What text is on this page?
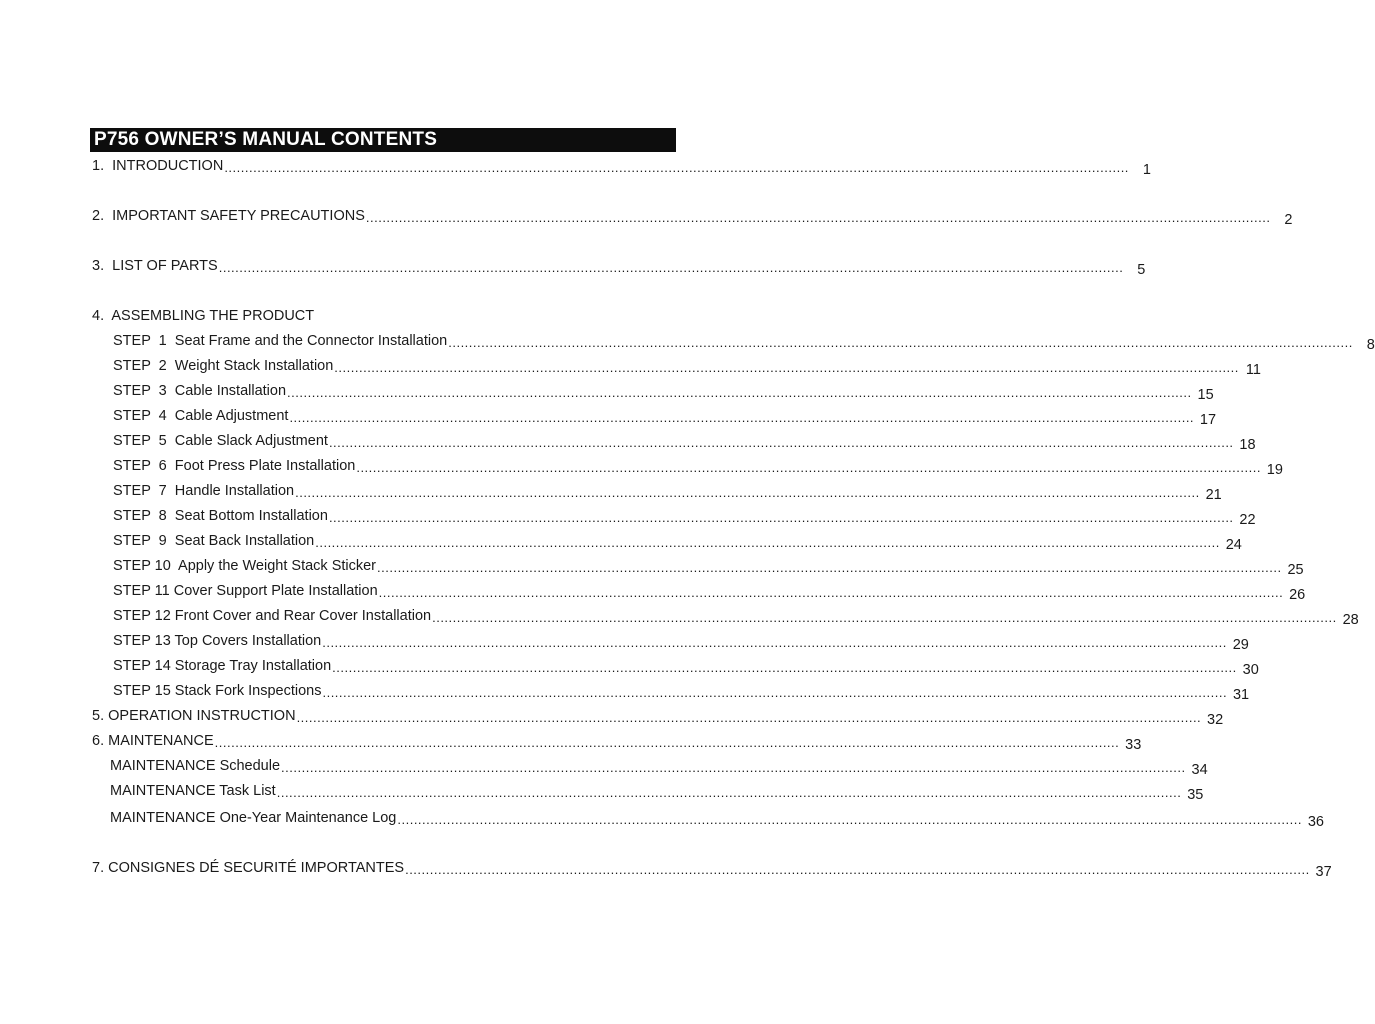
P756 OWNER’S MANUAL CONTENTS
1.  INTRODUCTION ............................................................................................................................................................................................................................ 1
2.  IMPORTANT SAFETY PRECAUTIONS ............................................................................................................................................................................................................................ 2
3.  LIST OF PARTS ............................................................................................................................................................................................................................ 5
4.  ASSEMBLING THE PRODUCT
STEP  1  Seat Frame and the Connector Installation ............................................................................................................................................................................................................................ 8
STEP  2  Weight Stack Installation ............................................................................................................................................................................................................................ 11
STEP  3  Cable Installation ............................................................................................................................................................................................................................ 15
STEP  4  Cable Adjustment ............................................................................................................................................................................................................................ 17
STEP  5  Cable Slack Adjustment ............................................................................................................................................................................................................................ 18
STEP  6  Foot Press Plate Installation ............................................................................................................................................................................................................................ 19
STEP  7  Handle Installation ............................................................................................................................................................................................................................ 21
STEP  8  Seat Bottom Installation ............................................................................................................................................................................................................................ 22
STEP  9  Seat Back Installation ............................................................................................................................................................................................................................ 24
STEP 10  Apply the Weight Stack Sticker ............................................................................................................................................................................................................................ 25
STEP 11 Cover Support Plate Installation ............................................................................................................................................................................................................................ 26
STEP 12 Front Cover and Rear Cover Installation ............................................................................................................................................................................................................................ 28
STEP 13 Top Covers Installation ............................................................................................................................................................................................................................ 29
STEP 14 Storage Tray Installation ............................................................................................................................................................................................................................ 30
STEP 15 Stack Fork Inspections ............................................................................................................................................................................................................................ 31
5. OPERATION INSTRUCTION ............................................................................................................................................................................................................................ 32
6. MAINTENANCE ............................................................................................................................................................................................................................ 33
MAINTENANCE Schedule ............................................................................................................................................................................................................................ 34
MAINTENANCE Task List ............................................................................................................................................................................................................................ 35
MAINTENANCE One-Year Maintenance Log ............................................................................................................................................................................................................................ 36
7. CONSIGNES DÉ SECURITÉ IMPORTANTES ............................................................................................................................................................................................................................ 37
